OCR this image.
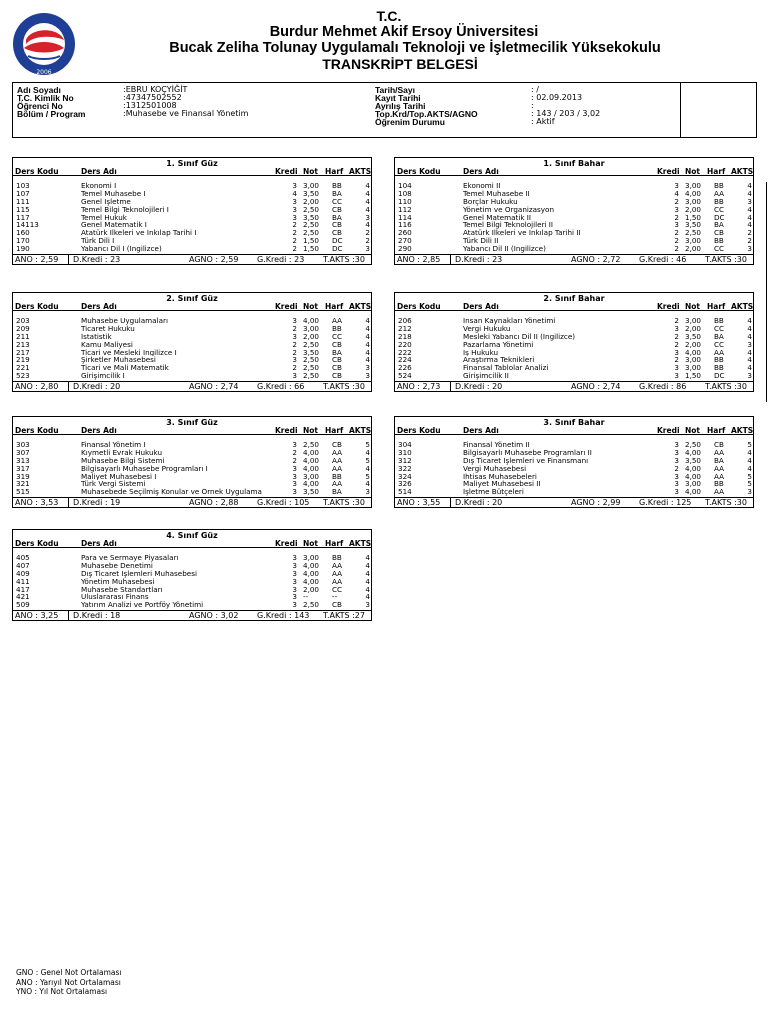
2006
T.C.
Burdur Mehmet Akif Ersoy Üniversitesi
Bucak Zeliha Tolunay Uygulamalı Teknoloji ve İşletmecilik Yüksekokulu
TRANSKRİPT BELGESİ
Adı Soyadı	:EBRU KOÇYİĞİT
T.C. Kimlik No	:47347502552
Öğrenci No	:1312501008
Bölüm / Program	:Muhasebe ve Finansal Yönetim
Tarih/Sayı	: /
Kayıt Tarihi	: 02.09.2013
Ayrılış Tarihi	:
Top.Krd/Top.AKTS/AGNO	: 143 / 203 / 3,02
Öğrenim Durumu	: Aktif
1. Sınıf Güz
Ders Kodu	Ders Adı	Kredi Not Harf AKTS
103	Ekonomi I	3 3,00	BB	4
107	Temel Muhasebe I	4 3,50	BA	4
111	Genel İşletme	3 2,00	CC	4
115	Temel Bilgi Teknolojileri I	3 2,50	CB	4
117	Temel Hukuk	3 3,50	BA	3
14113	Genel Matematik I	2 2,50	CB	4
160	Atatürk İlkeleri ve İnkılap Tarihi I	2 2,50	CB	2
170	Türk Dili I	2 1,50	DC	2
190	Yabancı Dil I (İngilizce)	2 1,50	DC	3
ANO : 2,59 D.Kredi : 23	AGNO : 2,59 G.Kredi : 23 T.AKTS :30
1. Sınıf Bahar
Ders Kodu	Ders Adı	Kredi Not Harf AKTS
104	Ekonomi II	3 3,00	BB	4
108	Temel Muhasebe II	4 4,00	AA	4
110	Borçlar Hukuku	2 3,00	BB	3
112	Yönetim ve Organizasyon	3 2,00	CC	4
114	Genel Matematik II	2 1,50	DC	4
116	Temel Bilgi Teknolojileri II	3 3,50	BA	4
260	Atatürk İlkeleri ve İnkılap Tarihi II	2 2,50	CB	2
270	Türk Dili II	2 3,00	BB	2
290	Yabancı Dil II (İngilizce)	2 2,00	CC	3
ANO : 2,85 D.Kredi : 23	AGNO : 2,72 G.Kredi : 46 T.AKTS :30
2. Sınıf Güz
Ders Kodu	Ders Adı	Kredi Not Harf AKTS
203	Muhasebe Uygulamaları	3 4,00	AA	4
209	Ticaret Hukuku	2 3,00	BB	4
211	İstatistik	3 2,00	CC	4
213	Kamu Maliyesi	2 2,50	CB	4
217	Ticari ve Mesleki İngilizce I	2 3,50	BA	4
219	Şirketler Muhasebesi	3 2,50	CB	4
221	Ticari ve Mali Matematik	2 2,50	CB	3
523	Girişimcilik I	3 2,50	CB	3
ANO : 2,80 D.Kredi : 20	AGNO : 2,74 G.Kredi : 66 T.AKTS :30
2. Sınıf Bahar
Ders Kodu	Ders Adı	Kredi Not Harf AKTS
206	İnsan Kaynakları Yönetimi	2 3,00	BB	4
212	Vergi Hukuku	3 2,00	CC	4
218	Mesleki Yabancı Dil II (İngilizce)	2 3,50	BA	4
220	Pazarlama Yönetimi	2 2,00	CC	3
222	İş Hukuku	3 4,00	AA	4
224	Araştırma Teknikleri	2 3,00	BB	4
226	Finansal Tablolar Analizi	3 3,00	BB	4
524	Girişimcilik II	3 1,50	DC	3
ANO : 2,73 D.Kredi : 20	AGNO : 2,74 G.Kredi : 86 T.AKTS :30
3. Sınıf Güz
Ders Kodu	Ders Adı	Kredi Not Harf AKTS
303	Finansal Yönetim I	3 2,50	CB	5
307	Kıymetli Evrak Hukuku	2 4,00	AA	4
313	Muhasebe Bilgi Sistemi	2 4,00	AA	5
317	Bilgisayarlı Muhasebe Programları I	3 4,00	AA	4
319	Maliyet Muhasebesi I	3 3,00	BB	5
321	Türk Vergi Sistemi	3 4,00	AA	4
515	Muhasebede Seçilmiş Konular ve Örnek Uygulama	3 3,50	BA	3
ANO : 3,53 D.Kredi : 19	AGNO : 2,88 G.Kredi : 105 T.AKTS :30
3. Sınıf Bahar
Ders Kodu	Ders Adı	Kredi Not Harf AKTS
304	Finansal Yönetim II	3 2,50	CB	5
310	Bilgisayarlı Muhasebe Programları II	3 4,00	AA	4
312	Dış Ticaret İşlemleri ve Finansmanı	3 3,50	BA	4
322	Vergi Muhasebesi	2 4,00	AA	4
324	İhtisas Muhasebeleri	3 4,00	AA	5
326	Maliyet Muhasebesi II	3 3,00	BB	5
514	İşletme Bütçeleri	3 4,00	AA	3
ANO : 3,55 D.Kredi : 20	AGNO : 2,99 G.Kredi : 125 T.AKTS :30
4. Sınıf Güz
Ders Kodu	Ders Adı	Kredi Not Harf AKTS
405	Para ve Sermaye Piyasaları	3 3,00	BB	4
407	Muhasebe Denetimi	3 4,00	AA	4
409	Dış Ticaret İşlemleri Muhasebesi	3 4,00	AA	4
411	Yönetim Muhasebesi	3 4,00	AA	4
417	Muhasebe Standartları	3 2,00	CC	4
421	Uluslararası Finans	3 --	--	4
509	Yatırım Analizi ve Portföy Yönetimi	3 2,50	CB	3
ANO : 3,25 D.Kredi : 18	AGNO : 3,02 G.Kredi : 143 T.AKTS :27
GNO : Genel Not Ortalaması
ANO : Yarıyıl Not Ortalaması
YNO : Yıl Not Ortalaması
